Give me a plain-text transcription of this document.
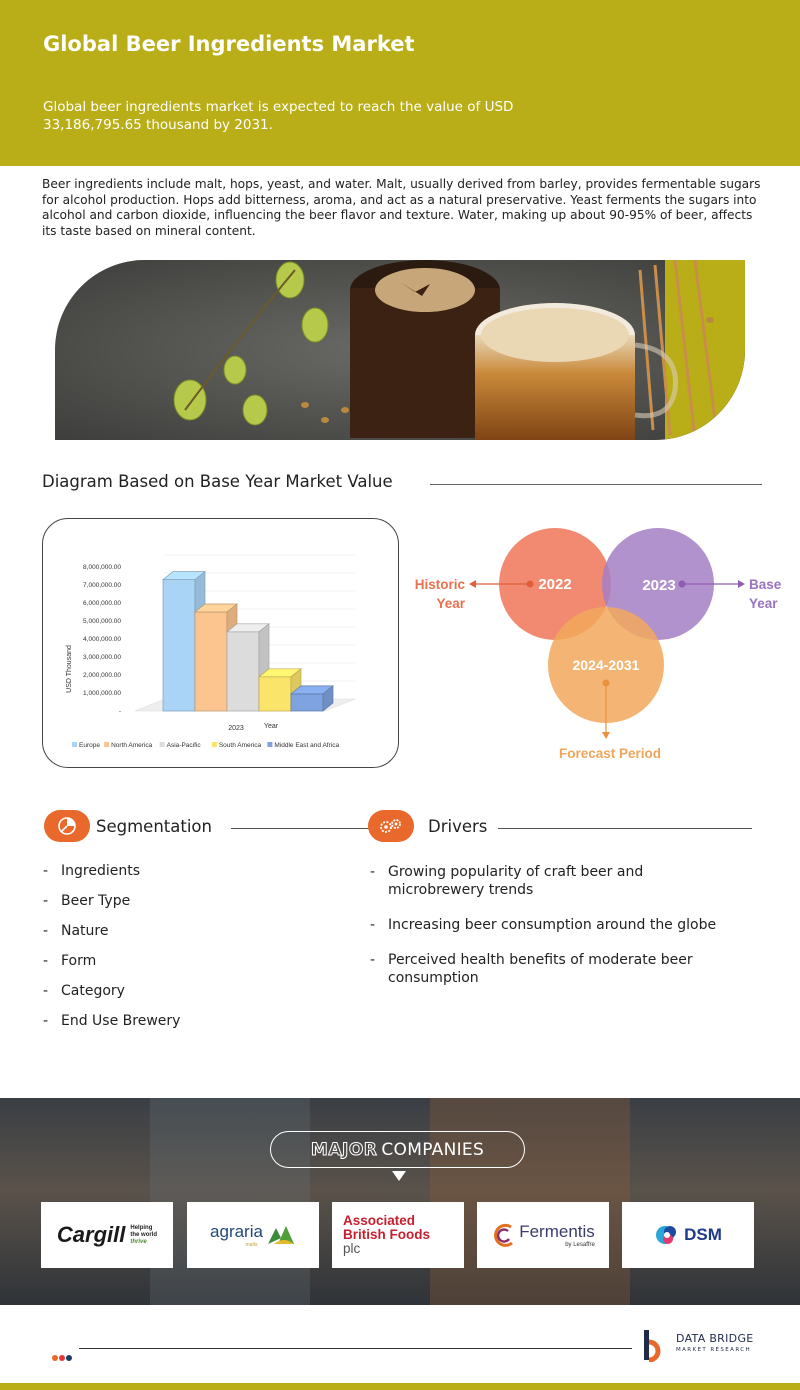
Global Beer Ingredients Market

Global beer ingredients market is expected to reach the value of USD 33,186,795.65 thousand by 2031.

Beer ingredients include malt, hops, yeast, and water. Malt, usually derived from barley, provides fermentable sugars for alcohol production. Hops add bitterness, aroma, and act as a natural preservative. Yeast ferments the sugars into alcohol and carbon dioxide, influencing the beer flavor and texture. Water, making up about 90-95% of beer, affects its taste based on mineral content.

Diagram Based on Base Year Market Value
8,000,000.00
7,000,000.00
6,000,000.00
5,000,000.00
4,000,000.00
3,000,000.00
2,000,000.00
1,000,000.00
-
USD Thousand
2023	Year
Europe North America Asia-Pacific	South America Middle East and Africa
2022	2023
2024-2031
Historic
Year
Base
Year
Forecast Period
Segmentation
- Ingredients
- Beer Type
- Nature
- Form
- Category
- End Use Brewery
Drivers
- Growing popularity of craft beer and microbrewery trends
- Increasing beer consumption around the globe
- Perceived health benefits of moderate beer consumption
MAJOR COMPANIES
Cargill Helping
the world
thrive
agraria
malts
Associated
British Foods
plc
Fermentis
by Lesaffre
DSM
DATA BRIDGE
MARKET RESEARCH
